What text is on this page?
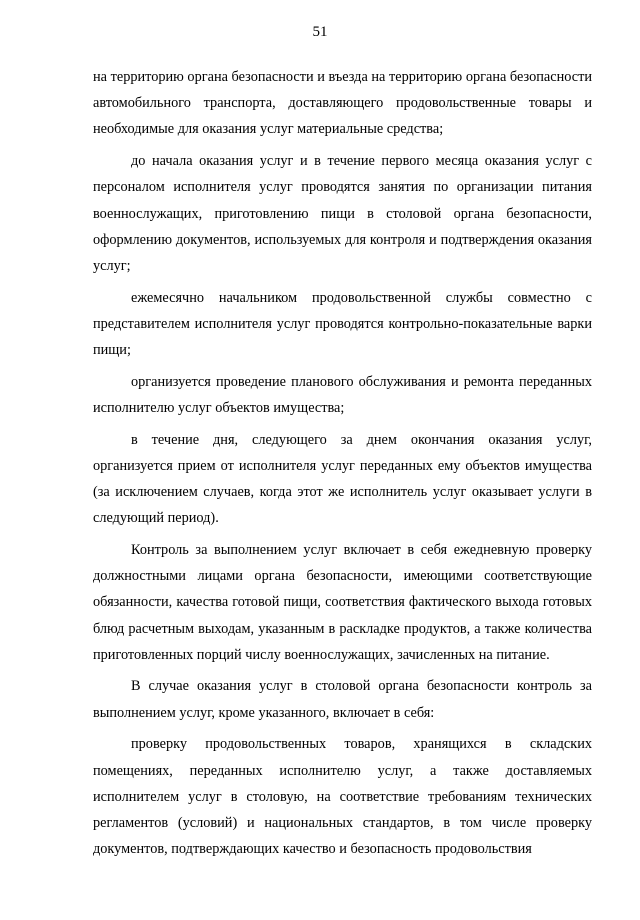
51

на территорию органа безопасности и въезда на территорию органа безопасности автомобильного транспорта, доставляющего продовольственные товары и необходимые для оказания услуг материальные средства;

до начала оказания услуг и в течение первого месяца оказания услуг с персоналом исполнителя услуг проводятся занятия по организации питания военнослужащих, приготовлению пищи в столовой органа безопасности, оформлению документов, используемых для контроля и подтверждения оказания услуг;

ежемесячно начальником продовольственной службы совместно с представителем исполнителя услуг проводятся контрольно-показательные варки пищи;

организуется проведение планового обслуживания и ремонта переданных исполнителю услуг объектов имущества;

в течение дня, следующего за днем окончания оказания услуг, организуется прием от исполнителя услуг переданных ему объектов имущества (за исключением случаев, когда этот же исполнитель услуг оказывает услуги в следующий период).

Контроль за выполнением услуг включает в себя ежедневную проверку должностными лицами органа безопасности, имеющими соответствующие обязанности, качества готовой пищи, соответствия фактического выхода готовых блюд расчетным выходам, указанным в раскладке продуктов, а также количества приготовленных порций числу военнослужащих, зачисленных на питание.

В случае оказания услуг в столовой органа безопасности контроль за выполнением услуг, кроме указанного, включает в себя:

проверку продовольственных товаров, хранящихся в складских помещениях, переданных исполнителю услуг, а также доставляемых исполнителем услуг в столовую, на соответствие требованиям технических регламентов (условий) и национальных стандартов, в том числе проверку документов, подтверждающих качество и безопасность продовольствия
